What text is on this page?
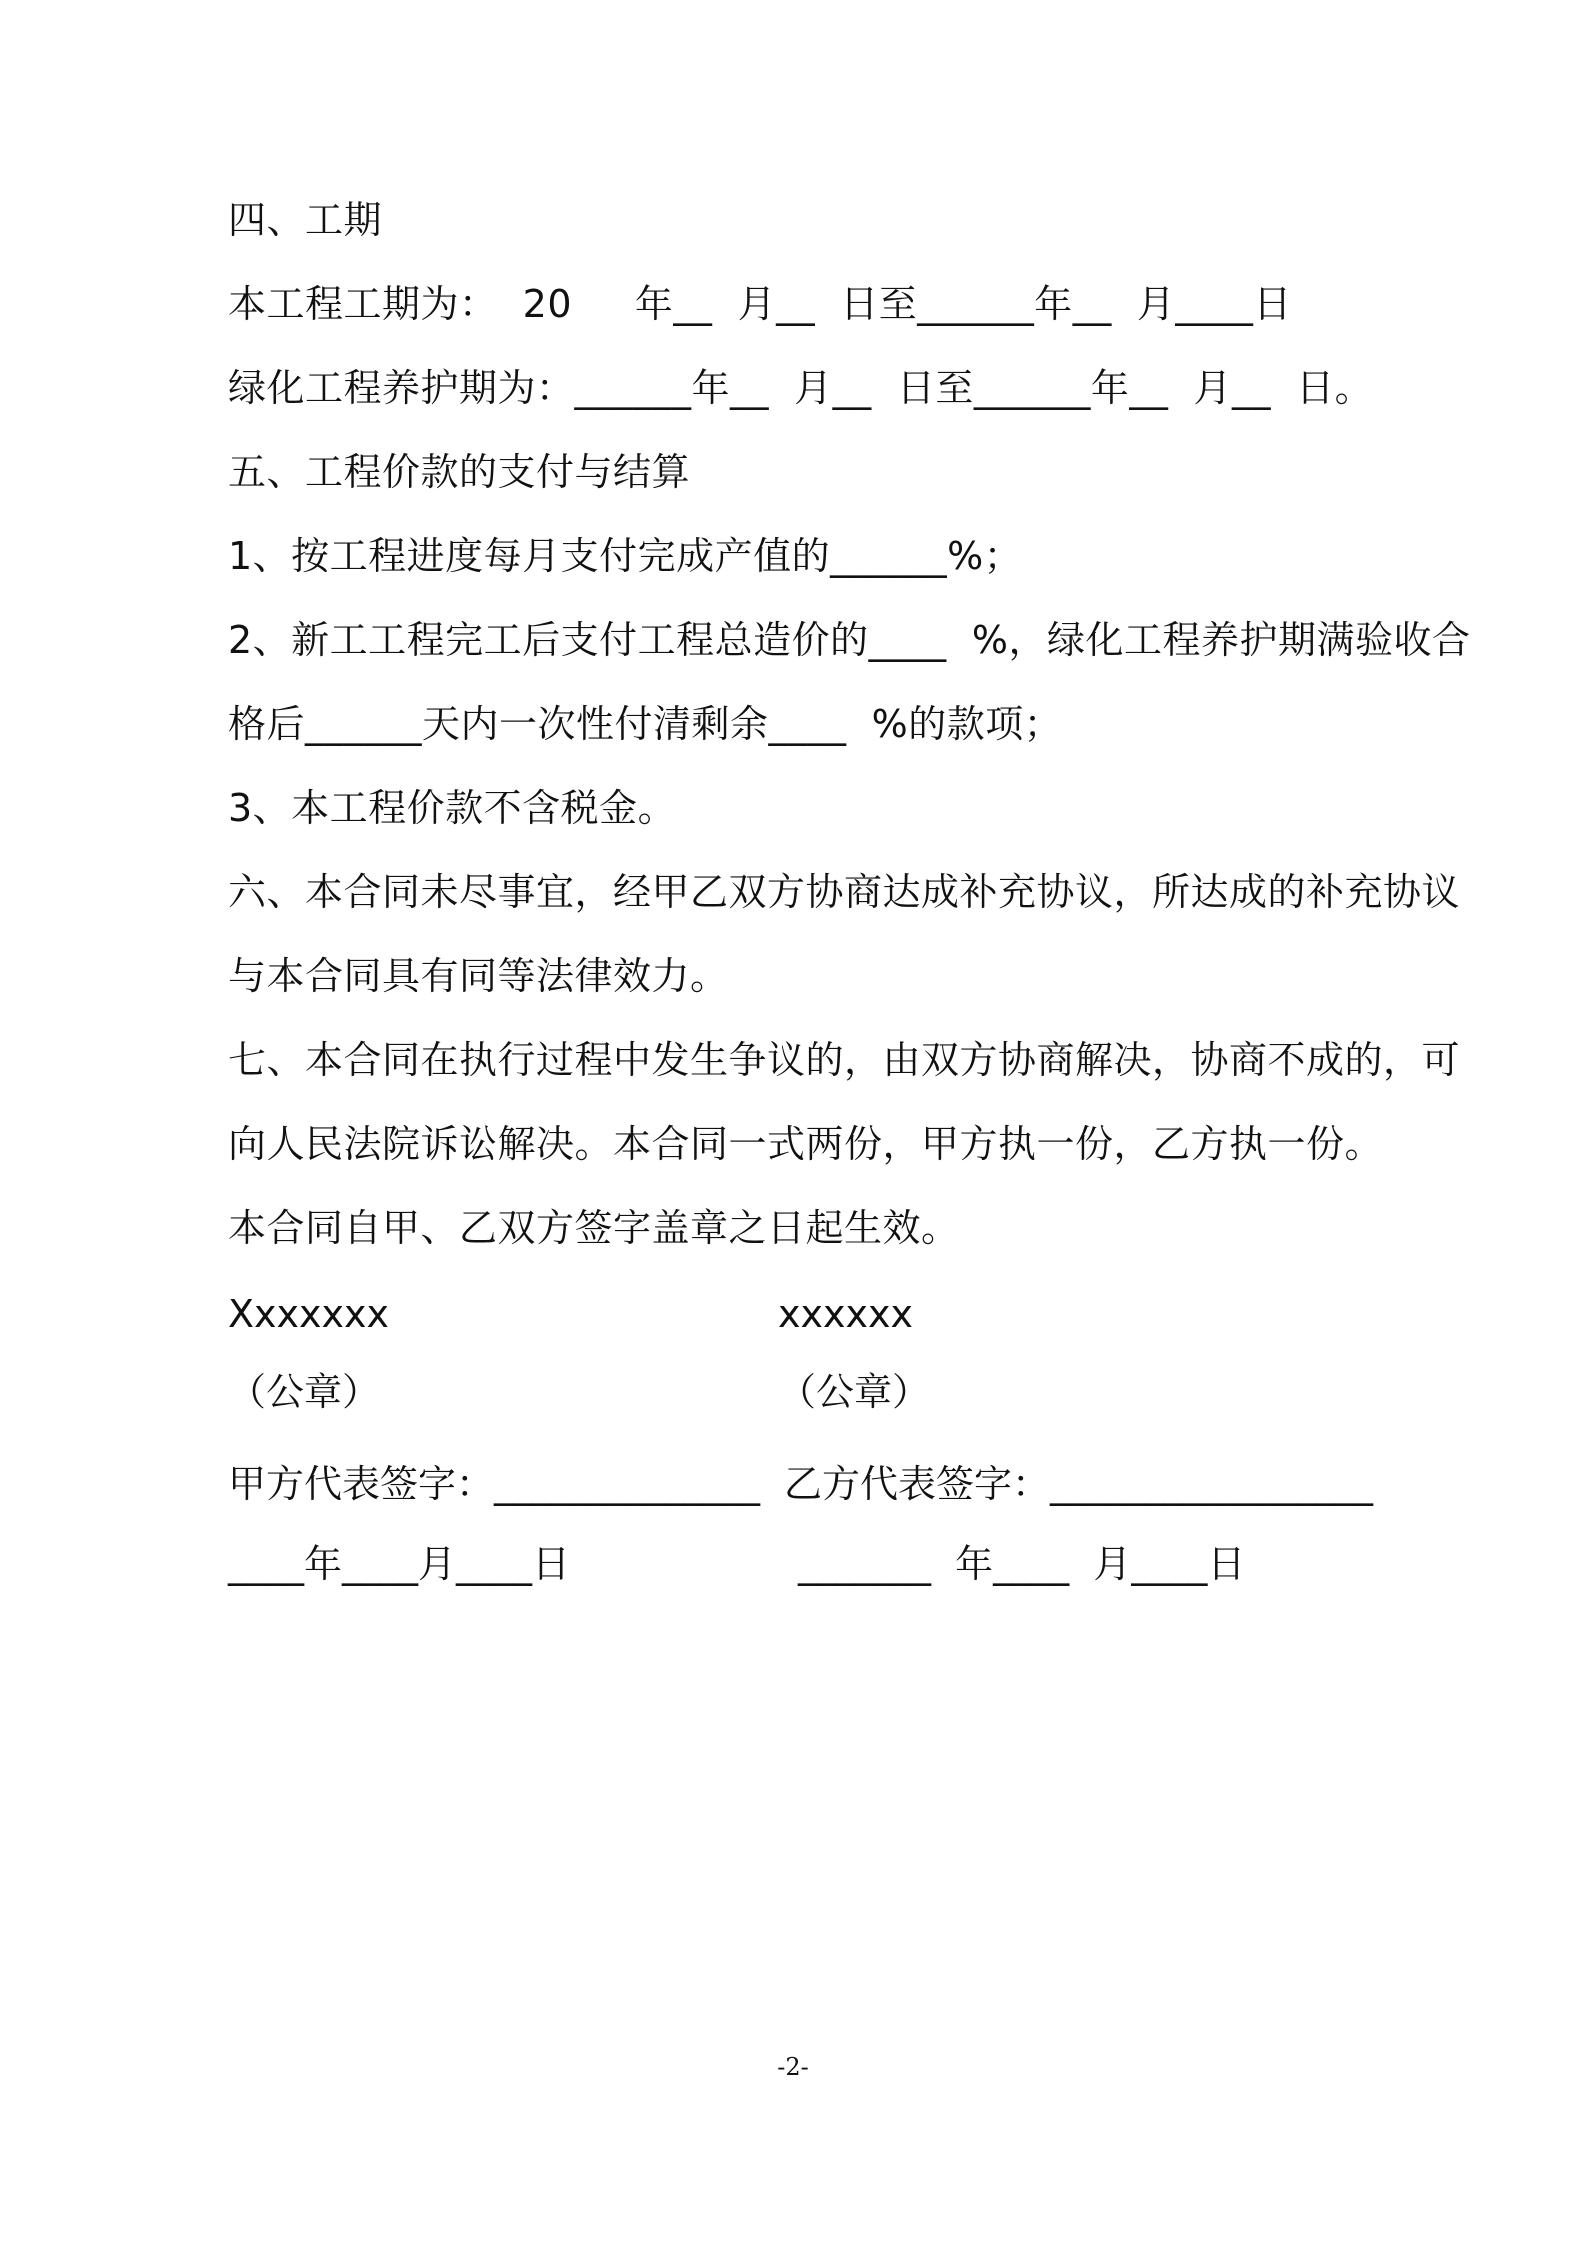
四、工期
本工程工期为：  20     年__  月__  日至______年__  月____日
绿化工程养护期为：______年__  月__  日至______年__  月__  日。
五、工程价款的支付与结算
1、按工程进度每月支付完成产值的______%；
2、新工工程完工后支付工程总造价的____  %，绿化工程养护期满验收合
格后______天内一次性付清剩余____  %的款项；
3、本工程价款不含税金。
六、本合同未尽事宜，经甲乙双方协商达成补充协议，所达成的补充协议
与本合同具有同等法律效力。
七、本合同在执行过程中发生争议的，由双方协商解决，协商不成的，可
向人民法院诉讼解决。本合同一式两份，甲方执一份，乙方执一份。
本合同自甲、乙双方签字盖章之日起生效。
Xxxxxxx	xxxxxx
（公章）	（公章）
甲方代表签字：______________ 乙方代表签字：_________________
____年____月____日	_______  年____  月____日
-2-
